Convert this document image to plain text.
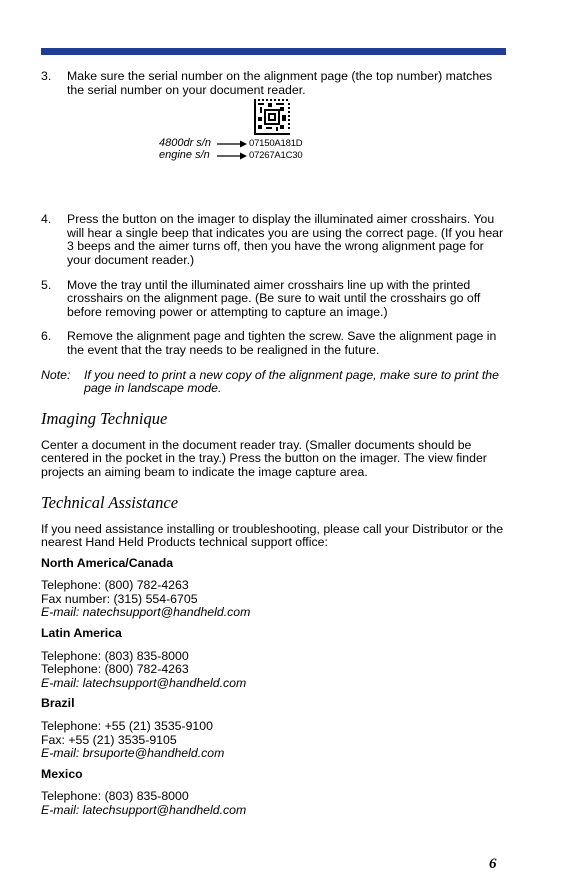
3. Make sure the serial number on the alignment page (the top number) matches the serial number on your document reader.

4800dr s/n	07150A181D
engine s/n	07267A1C30
4. Press the button on the imager to display the illuminated aimer crosshairs. You will hear a single beep that indicates you are using the correct page. (If you hear 3 beeps and the aimer turns off, then you have the wrong alignment page for your document reader.)

5. Move the tray until the illuminated aimer crosshairs line up with the printed crosshairs on the alignment page. (Be sure to wait until the crosshairs go off before removing power or attempting to capture an image.)

6. Remove the alignment page and tighten the screw. Save the alignment page in the event that the tray needs to be realigned in the future.

Note: If you need to print a new copy of the alignment page, make sure to print the page in landscape mode.

Imaging Technique

Center a document in the document reader tray. (Smaller documents should be centered in the pocket in the tray.) Press the button on the imager. The view finder projects an aiming beam to indicate the image capture area.

Technical Assistance

If you need assistance installing or troubleshooting, please call your Distributor or the nearest Hand Held Products technical support office:

North America/Canada

Telephone: (800) 782-4263

Fax number: (315) 554-6705

E-mail: natechsupport@handheld.com

Latin America

Telephone: (803) 835-8000

Telephone: (800) 782-4263

E-mail: latechsupport@handheld.com

Brazil

Telephone: +55 (21) 3535-9100

Fax: +55 (21) 3535-9105

E-mail: brsuporte@handheld.com

Mexico

Telephone: (803) 835-8000

E-mail: latechsupport@handheld.com

6
